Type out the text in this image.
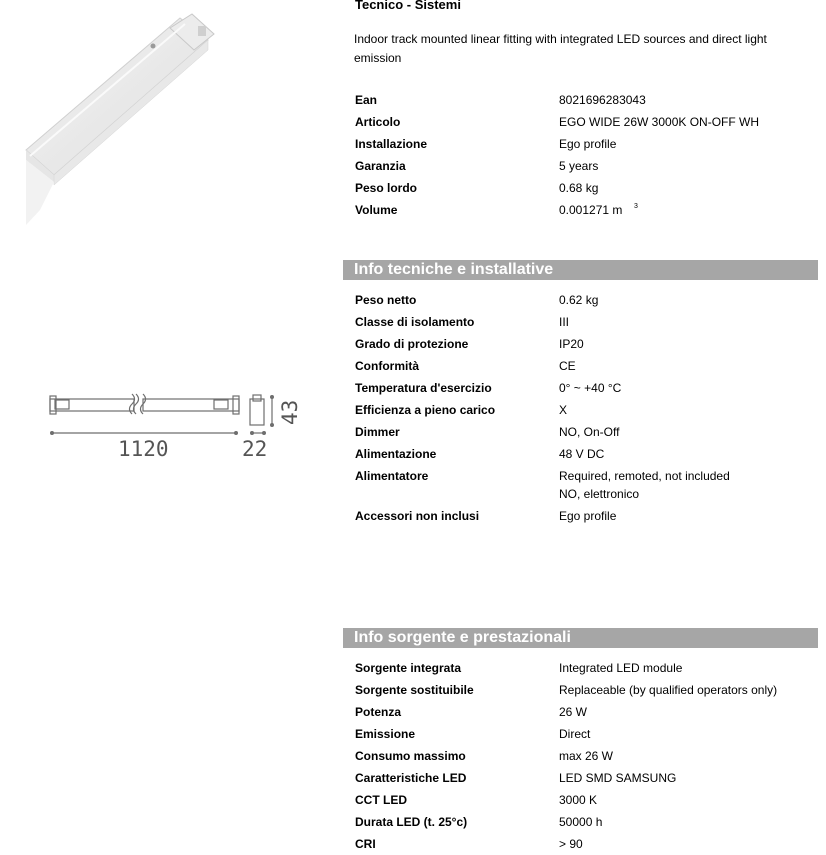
1120	22
43
Tecnico - Sistemi
Indoor track mounted linear fitting with integrated LED sources and direct light emission
Ean	8021696283043
Articolo	EGO WIDE 26W 3000K ON-OFF WH
Installazione	Ego profile
Garanzia	5 years
Peso lordo	0.68 kg
Volume	0.001271 m	3
Info tecniche e installative
Peso netto	0.62 kg
Classe di isolamento	III
Grado di protezione	IP20
Conformità	CE
Temperatura d'esercizio	0° ~ +40 °C
Efficienza a pieno carico	X
Dimmer	NO, On-Off
Alimentazione	48 V DC
Alimentatore	Required, remoted, not included
NO, elettronico
Accessori non inclusi	Ego profile
Info sorgente e prestazionali
Sorgente integrata	Integrated LED module
Sorgente sostituibile	Replaceable (by qualified operators only)
Potenza	26 W
Emissione	Direct
Consumo massimo	max 26 W
Caratteristiche LED	LED SMD SAMSUNG
CCT LED	3000 K
Durata LED (t. 25°c)	50000 h
CRI	> 90
